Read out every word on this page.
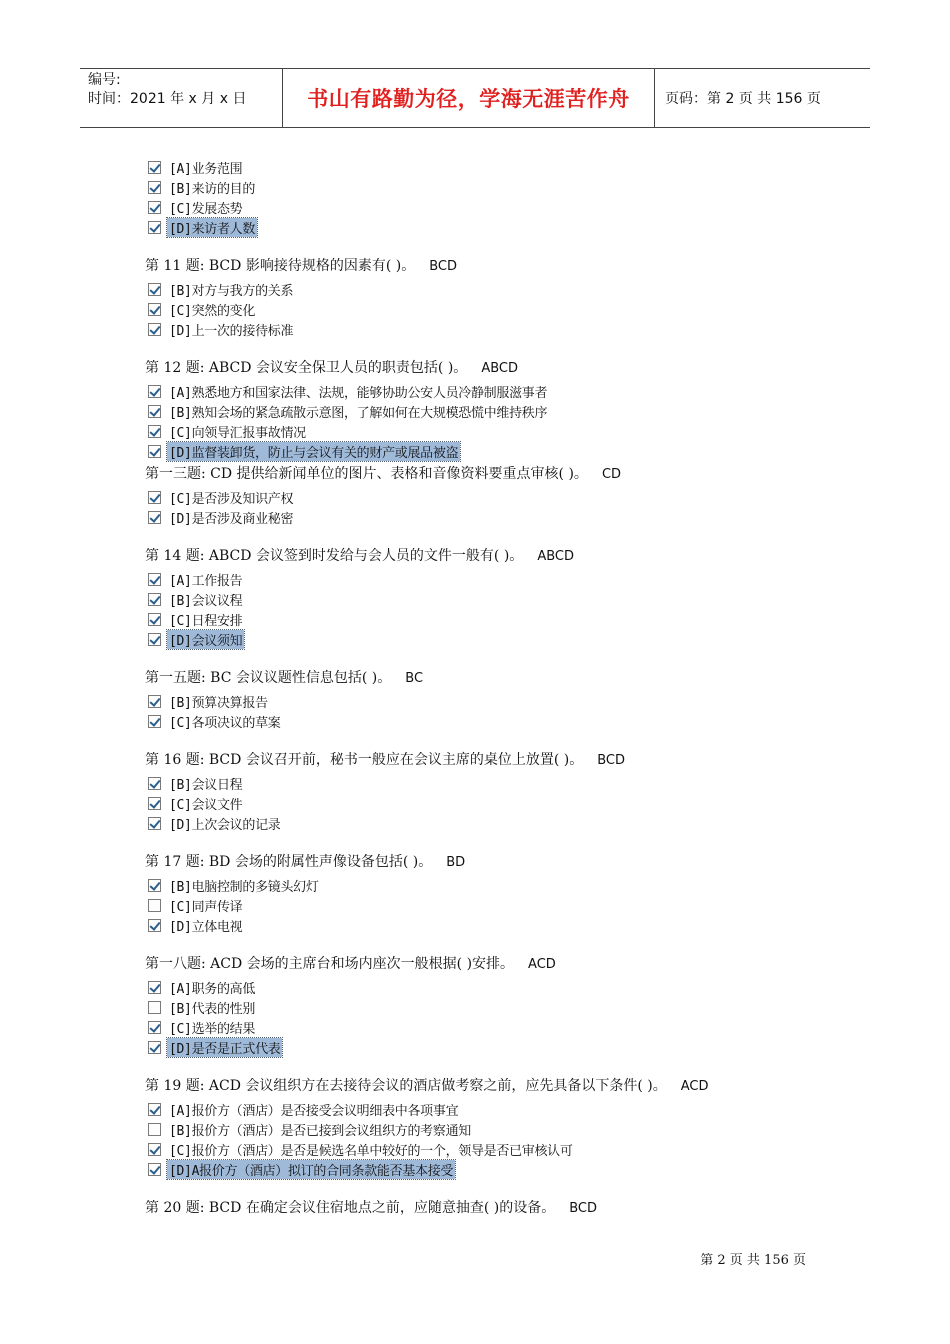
编号:
时间：2021 年 x 月 x 日	书山有路勤为径，学海无涯苦作舟	页码：第 2 页 共 156 页
[A]业务范围
[B]来访的目的
[C]发展态势
[D]来访者人数
第 11 题: BCD 影响接待规格的因素有( )。 BCD
[B]对方与我方的关系
[C]突然的变化
[D]上一次的接待标准
第 12 题: ABCD 会议安全保卫人员的职责包括( )。 ABCD
[A]熟悉地方和国家法律、法规，能够协助公安人员冷静制服滋事者
[B]熟知会场的紧急疏散示意图，了解如何在大规模恐慌中维持秩序
[C]向领导汇报事故情况
[D]监督装卸货，防止与会议有关的财产或展品被盗
第一三题: CD 提供给新闻单位的图片、表格和音像资料要重点审核( )。 CD
[C]是否涉及知识产权
[D]是否涉及商业秘密
第 14 题: ABCD 会议签到时发给与会人员的文件一般有( )。 ABCD
[A]工作报告
[B]会议议程
[C]日程安排
[D]会议须知
第一五题: BC 会议议题性信息包括( )。 BC
[B]预算决算报告
[C]各项决议的草案
第 16 题: BCD 会议召开前，秘书一般应在会议主席的桌位上放置( )。 BCD
[B]会议日程
[C]会议文件
[D]上次会议的记录
第 17 题: BD 会场的附属性声像设备包括( )。 BD
[B]电脑控制的多镜头幻灯
[C]同声传译
[D]立体电视
第一八题: ACD 会场的主席台和场内座次一般根据( )安排。 ACD
[A]职务的高低
[B]代表的性别
[C]选举的结果
[D]是否是正式代表
第 19 题: ACD 会议组织方在去接待会议的酒店做考察之前，应先具备以下条件( )。 ACD
[A]报价方（酒店）是否接受会议明细表中各项事宜
[B]报价方（酒店）是否已接到会议组织方的考察通知
[C]报价方（酒店）是否是候选名单中较好的一个，领导是否已审核认可
[D]A报价方（酒店）拟订的合同条款能否基本接受
第 20 题: BCD 在确定会议住宿地点之前，应随意抽查( )的设备。 BCD
第 2 页 共 156 页
